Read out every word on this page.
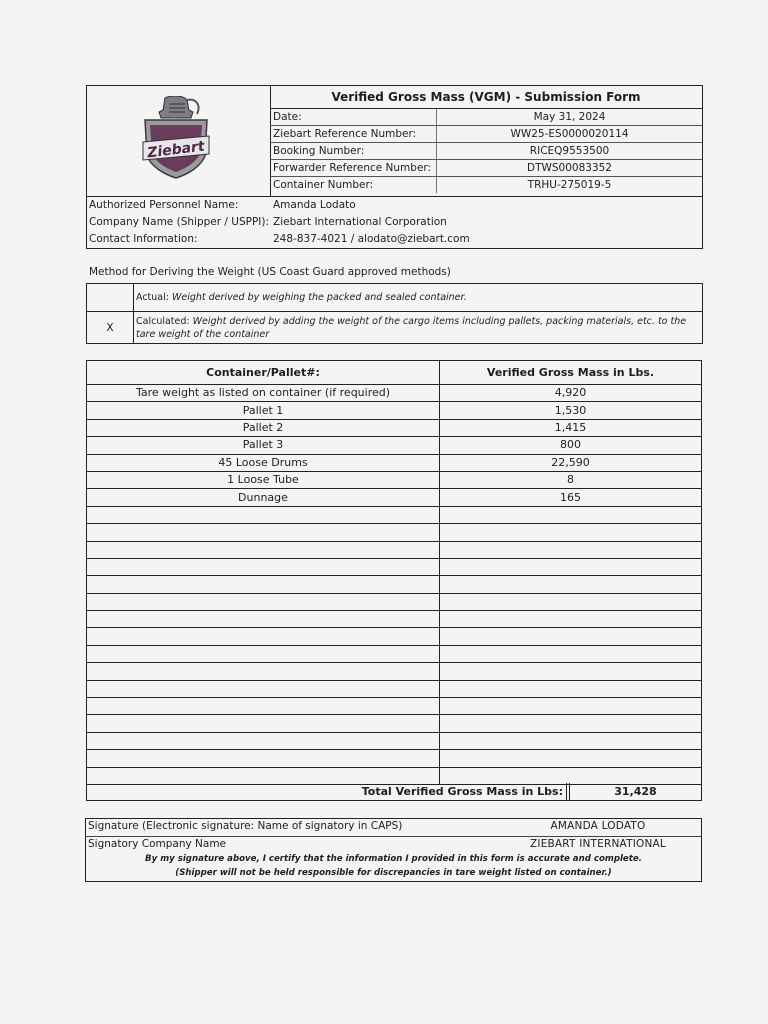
Ziebart
Verified Gross Mass (VGM) - Submission Form	
Date:	May 31, 2024
Ziebart Reference Number:	WW25-ES0000020114
Booking Number:	RICEQ9553500
Forwarder Reference Number:	DTWS00083352
Container Number:	TRHU-275019-5
Authorized Personnel Name:	Amanda Lodato
Company Name (Shipper / USPPI): Ziebart International Corporation
Contact Information:	248-837-4021 / alodato@ziebart.com
Method for Deriving the Weight (US Coast Guard approved methods)
	Actual: Weight derived by weighing the packed and sealed container.
X	Calculated: Weight derived by adding the weight of the cargo items including pallets, packing materials, etc. to the tare weight of the container
Container/Pallet#:	Verified Gross Mass in Lbs.
Tare weight as listed on container (if required)	4,920
Pallet 1	1,530
Pallet 2	1,415
Pallet 3	800
45 Loose Drums	22,590
1 Loose Tube	8
Dunnage	165

Total Verified Gross Mass in Lbs:	31,428
Signature (Electronic signature: Name of signatory in CAPS)	AMANDA LODATO
Signatory Company Name	ZIEBART INTERNATIONAL
By my signature above, I certify that the information I provided in this form is accurate and complete.
(Shipper will not be held responsible for discrepancies in tare weight listed on container.)
